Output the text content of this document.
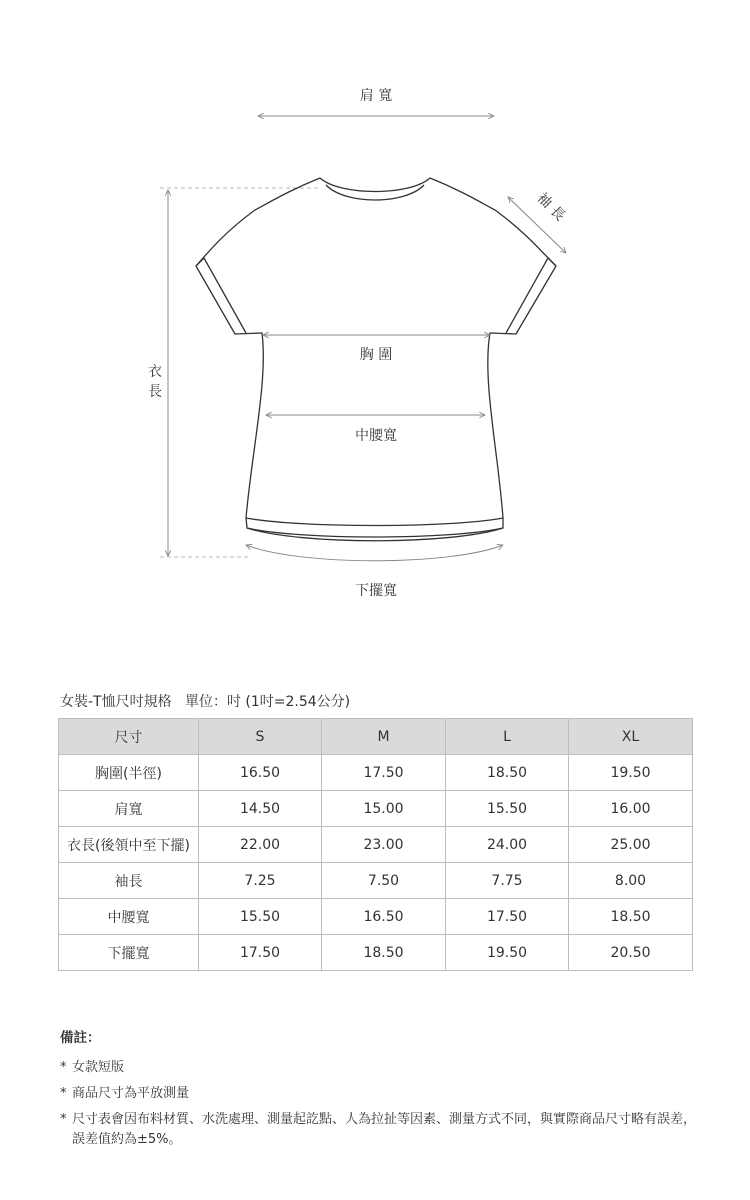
肩 寬
袖 長
衣
長
胸 圍
中腰寬
下擺寬
女裝-T恤尺吋規格   單位：吋 (1吋=2.54公分)
尺寸	S	M	L	XL
胸圍(半徑)	16.50	17.50	18.50	19.50
肩寬	14.50	15.00	15.50	16.00
衣長(後領中至下擺)	22.00	23.00	24.00	25.00
袖長	7.25	7.50	7.75	8.00
中腰寬	15.50	16.50	17.50	18.50
下擺寬	17.50	18.50	19.50	20.50
備註：
* 女款短版
* 商品尺寸為平放測量
* 尺寸表會因布料材質、水洗處理、測量起訖點、人為拉扯等因素、測量方式不同，與實際商品尺寸略有誤差，誤差值約為±5%。
